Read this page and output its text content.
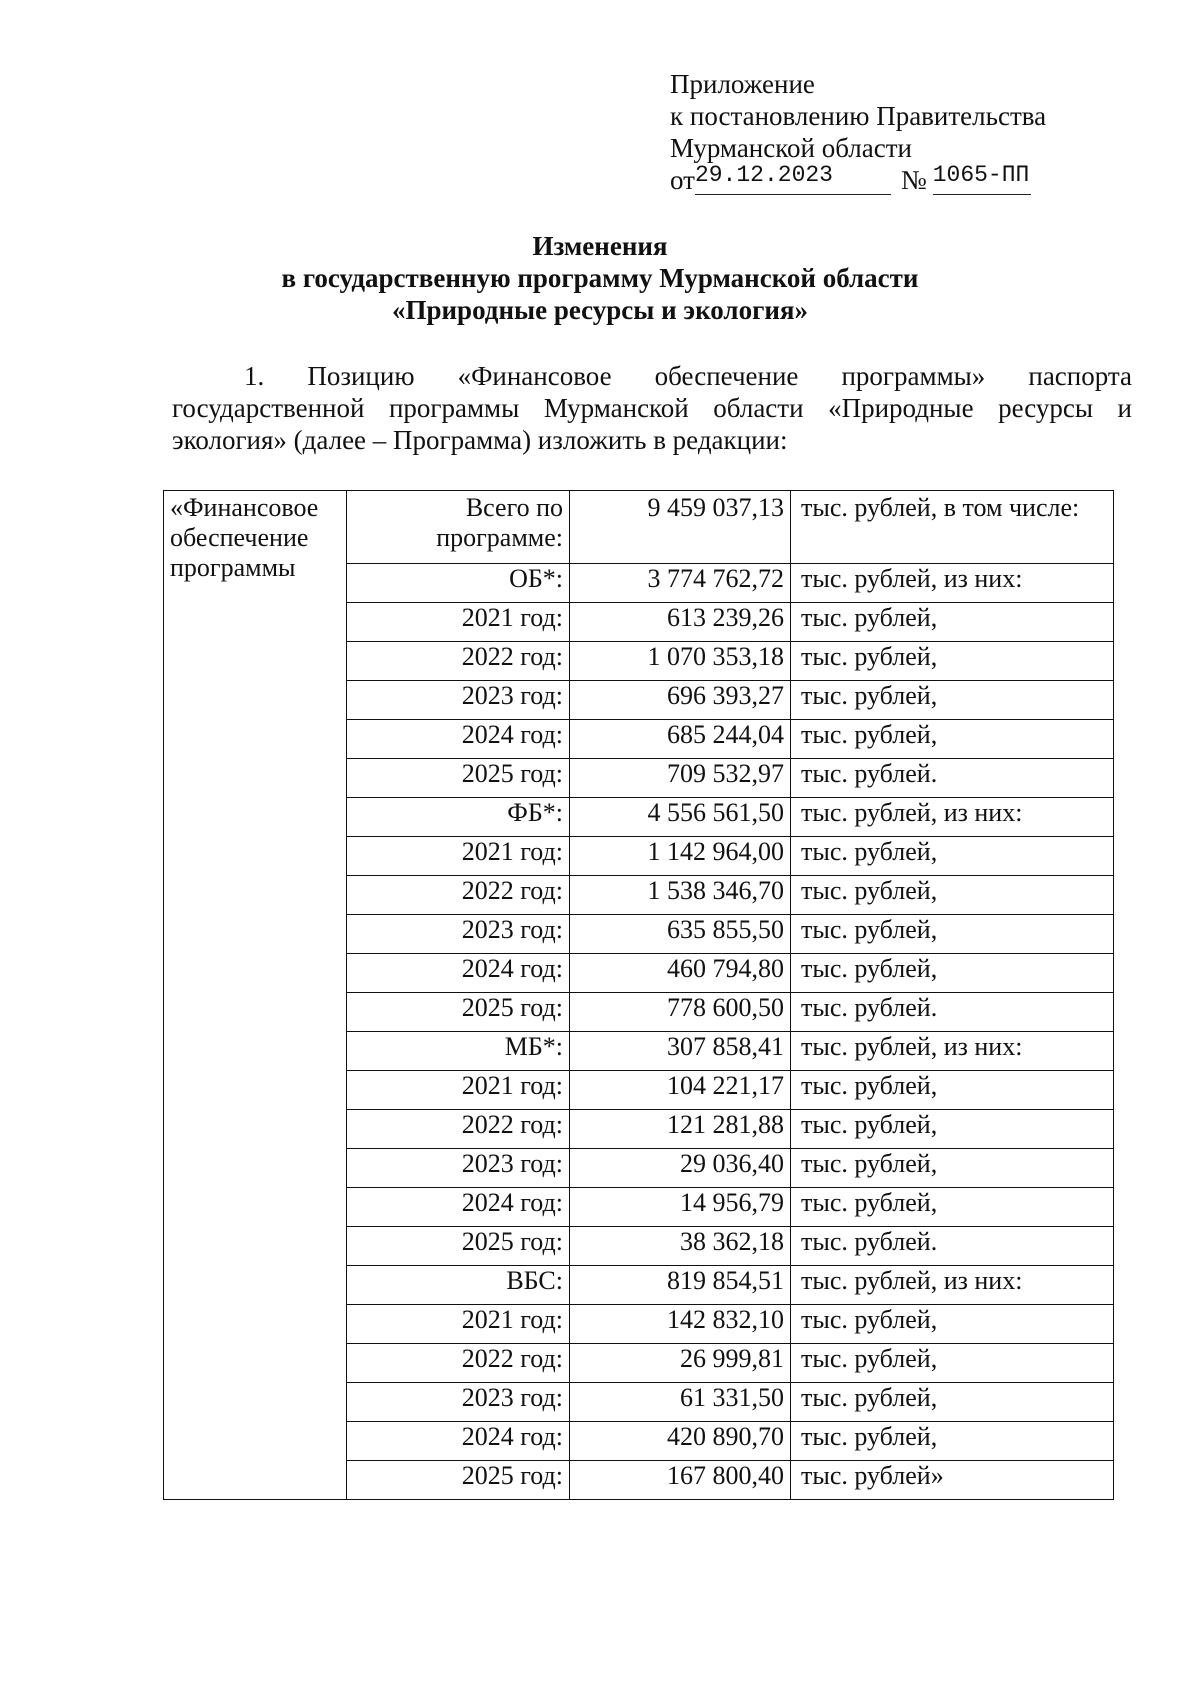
Приложение
к постановлению Правительства
Мурманской области
от29.12.2023	№ 1065-ПП
Изменения
в государственную программу Мурманской области
«Природные ресурсы и экология»
1. Позицию «Финансовое обеспечение программы» паспорта государственной программы Мурманской области «Природные ресурсы и экология» (далее – Программа) изложить в редакции:
«Финансовое обеспечение программы	Всего по программе:	9 459 037,13	тыс. рублей, в том числе:
	ОБ*:	3 774 762,72	тыс. рублей, из них:
	2021 год:	613 239,26	тыс. рублей,
	2022 год:	1 070 353,18	тыс. рублей,
	2023 год:	696 393,27	тыс. рублей,
	2024 год:	685 244,04	тыс. рублей,
	2025 год:	709 532,97	тыс. рублей.
	ФБ*:	4 556 561,50	тыс. рублей, из них:
	2021 год:	1 142 964,00	тыс. рублей,
	2022 год:	1 538 346,70	тыс. рублей,
	2023 год:	635 855,50	тыс. рублей,
	2024 год:	460 794,80	тыс. рублей,
	2025 год:	778 600,50	тыс. рублей.
	МБ*:	307 858,41	тыс. рублей, из них:
	2021 год:	104 221,17	тыс. рублей,
	2022 год:	121 281,88	тыс. рублей,
	2023 год:	29 036,40	тыс. рублей,
	2024 год:	14 956,79	тыс. рублей,
	2025 год:	38 362,18	тыс. рублей.
	ВБС:	819 854,51	тыс. рублей, из них:
	2021 год:	142 832,10	тыс. рублей,
	2022 год:	26 999,81	тыс. рублей,
	2023 год:	61 331,50	тыс. рублей,
	2024 год:	420 890,70	тыс. рублей,
	2025 год:	167 800,40	тыс. рублей»
